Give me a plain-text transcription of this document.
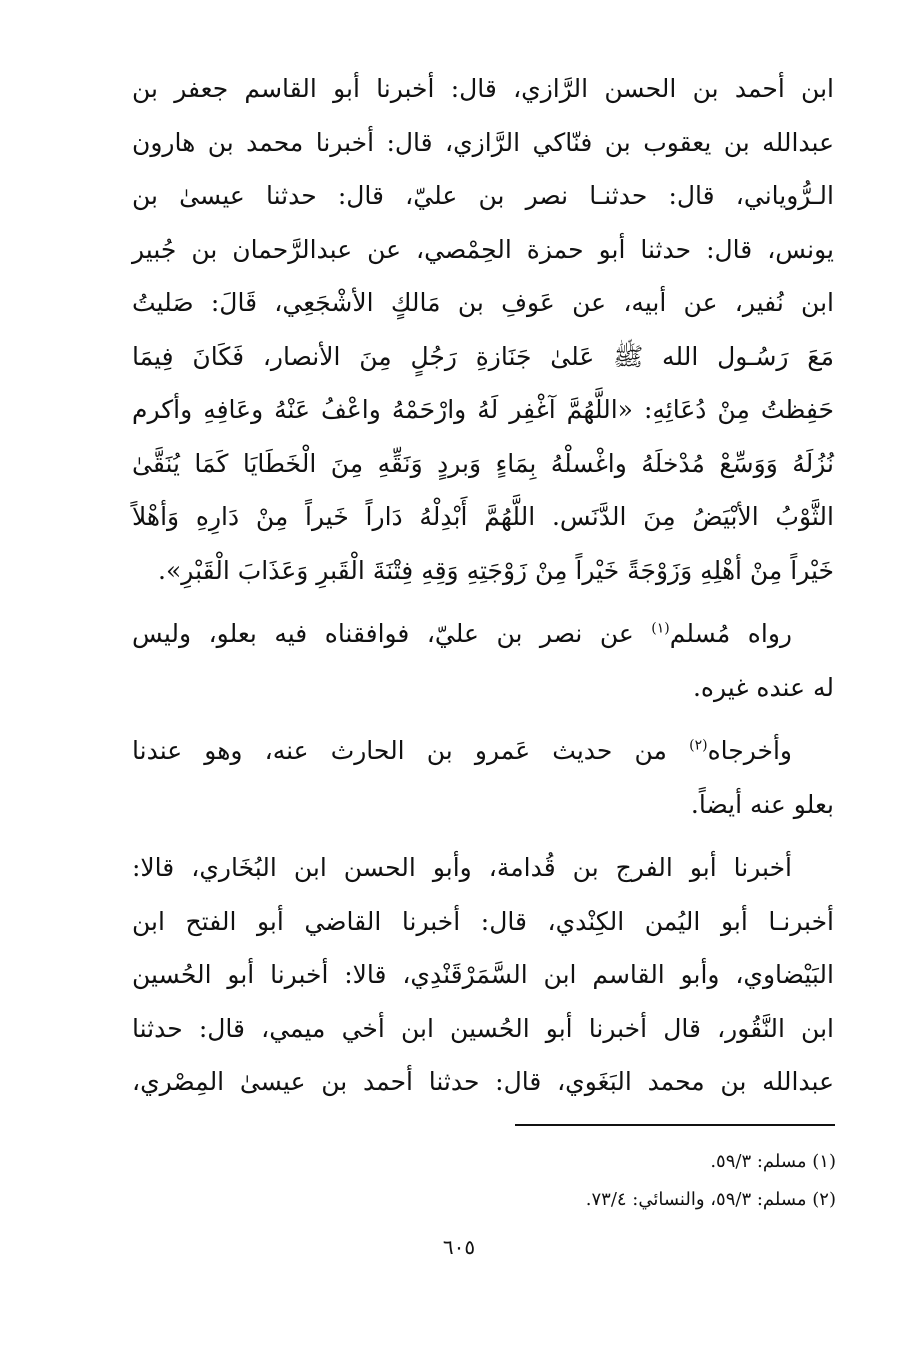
ابن أحمد بن الحسن الرَّازي، قال: أخبرنا أبو القاسم جعفر بن
عبدالله بن يعقوب بن فنّاكي الرَّازي، قال: أخبرنا محمد بن هارون
الـرُّوياني، قال: حدثنـا نصر بن عليّ، قال: حدثنا عيسىٰ بن
يونس، قال: حدثنا أبو حمزة الحِمْصي، عن عبدالرَّحمان بن جُبير
ابن نُفير، عن أبيه، عن عَوفِ بن مَالكٍ الأشْجَعِي، قَالَ: صَليتُ
مَعَ رَسُـول الله ﷺ عَلىٰ جَنَازةِ رَجُلٍ مِنَ الأنصار، فَكَانَ فِيمَا
حَفِظتُ مِنْ دُعَائِهِ: «اللَّهُمَّ آغْفِر لَهُ وارْحَمْهُ واعْفُ عَنْهُ وعَافِهِ وأكرم
نُزُلَهُ وَوَسِّعْ مُدْخلَهُ واغْسلْهُ بِمَاءٍ وَبردٍ وَنَقِّهِ مِنَ الْخَطَايَا كَمَا يُنَقَّىٰ
الثَّوْبُ الأبْيَضُ مِنَ الدَّنَس. اللَّهُمَّ أَبْدِلْهُ دَاراً خَيراً مِنْ دَارِهِ وَأهْلاً
خَيْراً مِنْ أهْلِهِ وَزَوْجَةً خَيْراً مِنْ زَوْجَتِهِ وَقِهِ فِتْنَةَ الْقَبرِ وَعَذَابَ الْقَبْرِ».
رواه مُسلم$^{(١)}$ عن نصر بن عليّ، فوافقناه فيه بعلو، وليس
له عنده غيره.
وأخرجاه$^{(٢)}$ من حديث عَمرو بن الحارث عنه، وهو عندنا
بعلو عنه أيضاً.
أخبرنا أبو الفرج بن قُدامة، وأبو الحسن ابن البُخَاري، قالا:
أخبرنـا أبو اليُمن الكِنْدي، قال: أخبرنا القاضي أبو الفتح ابن
البَيْضاوي، وأبو القاسم ابن السَّمَرْقَنْدِي، قالا: أخبرنا أبو الحُسين
ابن النَّقُور، قال أخبرنا أبو الحُسين ابن أخي ميمي، قال: حدثنا
عبدالله بن محمد البَغَوي، قال: حدثنا أحمد بن عيسىٰ المِصْري،
(١) مسلم: ٥٩/٣.
(٢) مسلم: ٥٩/٣، والنسائي: ٧٣/٤.
٦٠٥
